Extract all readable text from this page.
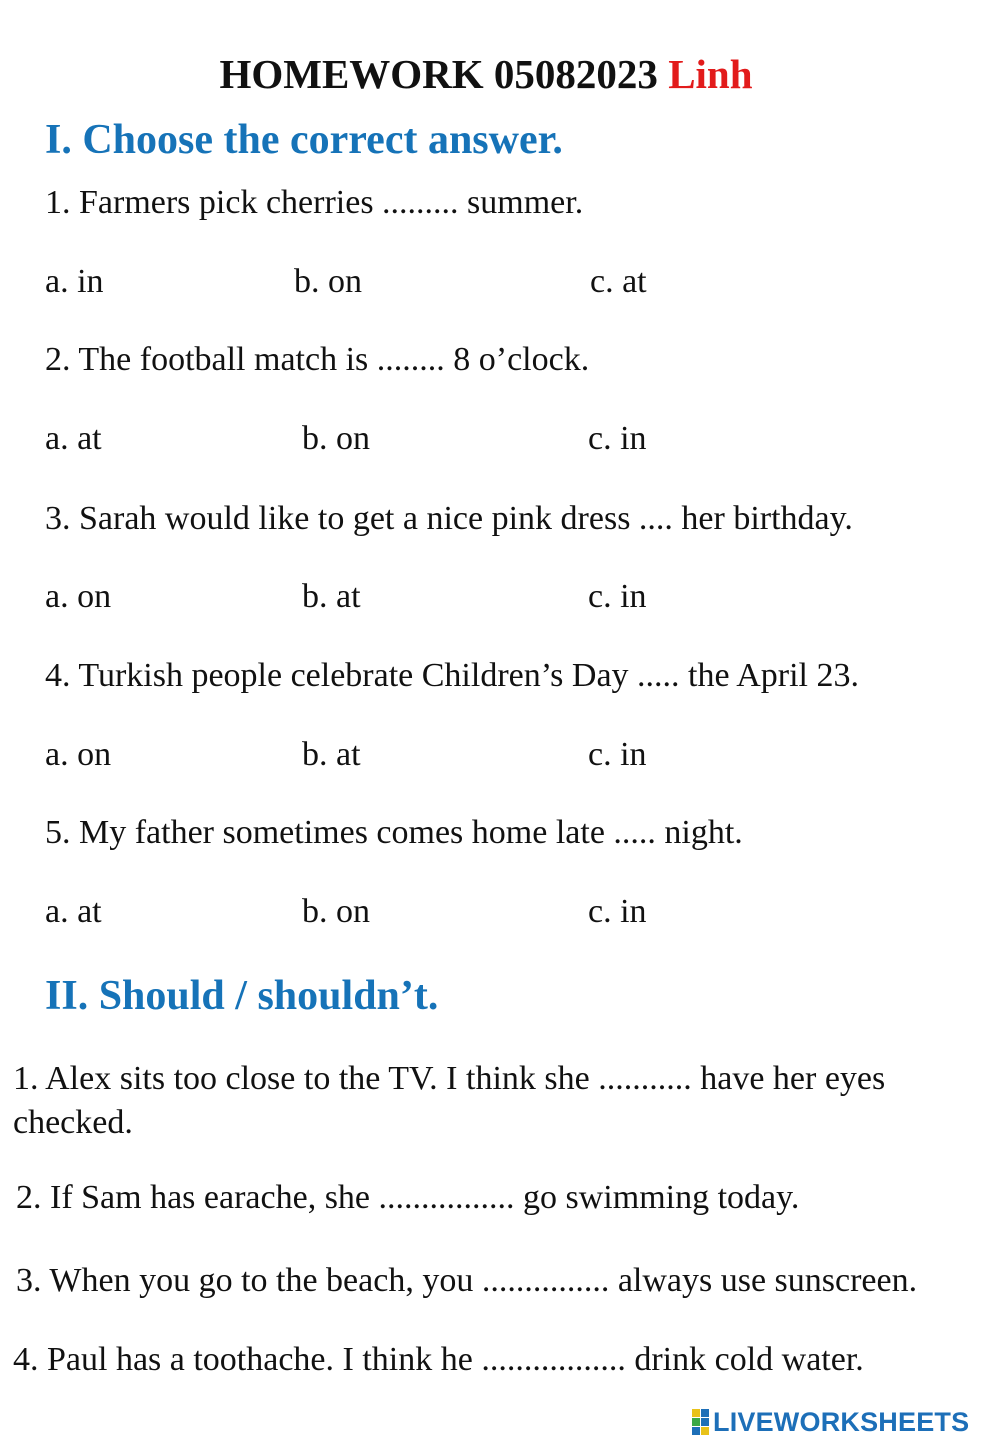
HOMEWORK 05082023 Linh
I. Choose the correct answer.
1. Farmers pick cherries ......... summer.
a. in	b. on	c. at
2. The football match is ........ 8 o’clock.
a. at	b. on	c. in
3. Sarah would like to get a nice pink dress .... her birthday.
a. on	b. at	c. in
4. Turkish people celebrate Children’s Day ..... the April 23.
a. on	b. at	c. in
5. My father sometimes comes home late ..... night.
a. at	b. on	c. in
II. Should / shouldn’t.
1. Alex sits too close to the TV. I think she ........... have her eyes checked.
2. If Sam has earache, she ................ go swimming today.
3. When you go to the beach, you ............... always use sunscreen.
4. Paul has a toothache. I think he ................. drink cold water.
LIVEWORKSHEETS
